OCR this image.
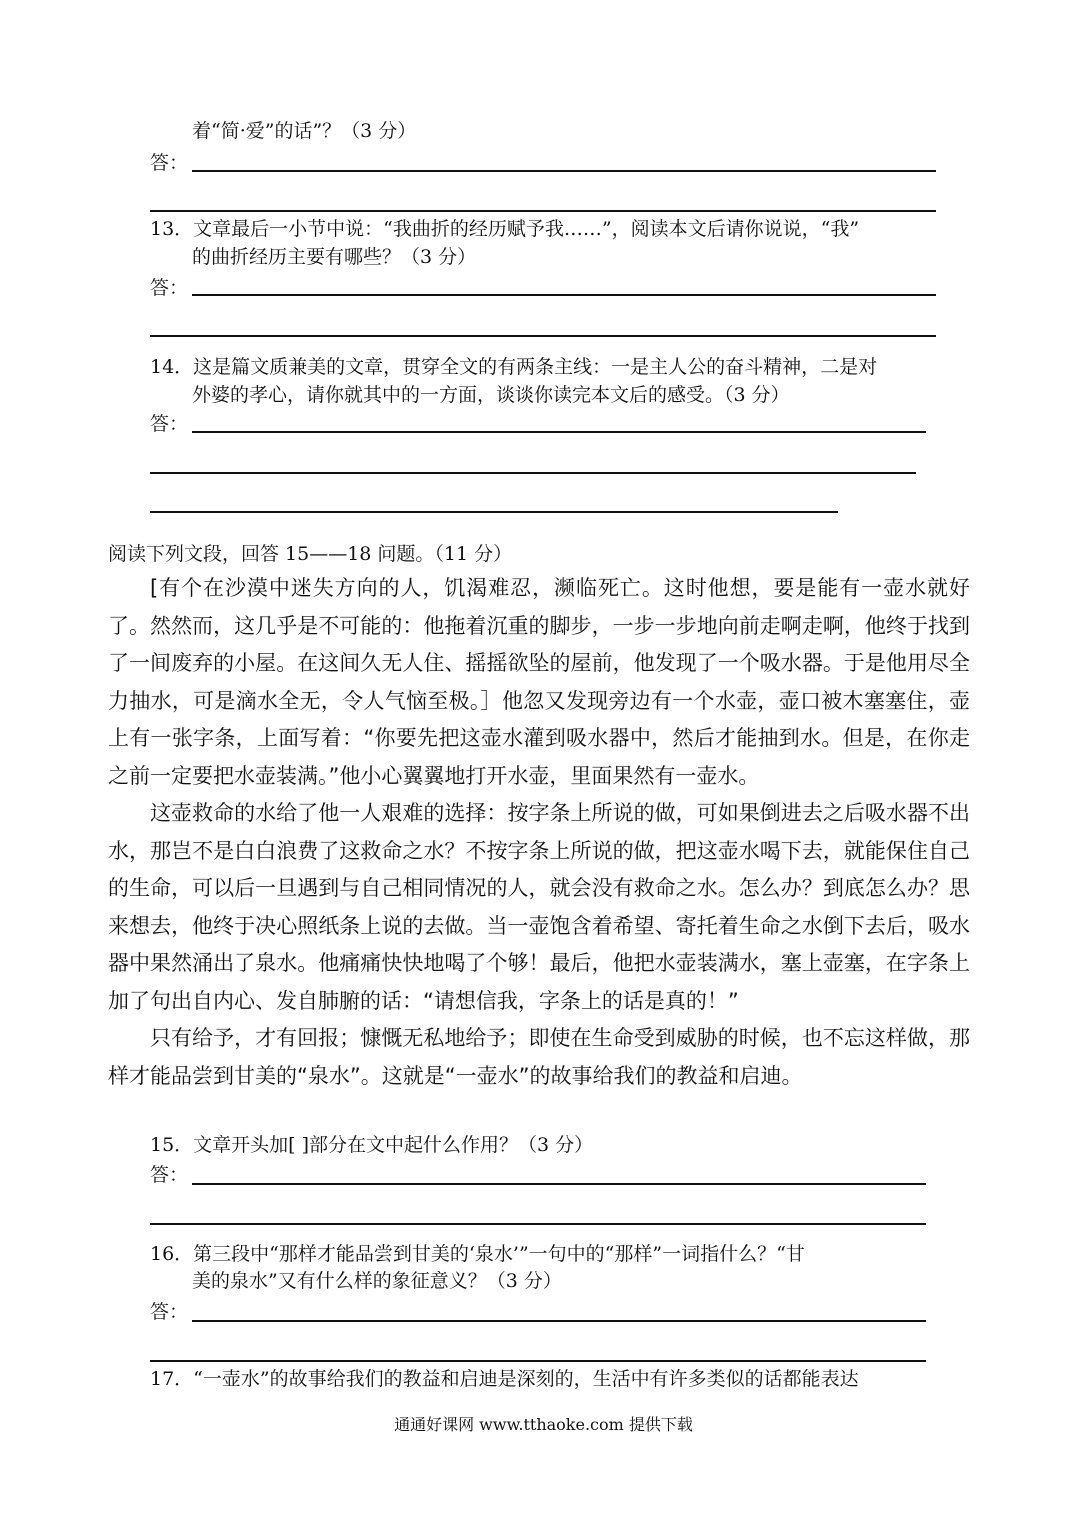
着“简·爱”的话”？（3 分）
答：
13．文章最后一小节中说：“我曲折的经历赋予我……”，阅读本文后请你说说，“我”
的曲折经历主要有哪些？（3 分）
答：
14．这是篇文质兼美的文章，贯穿全文的有两条主线：一是主人公的奋斗精神，二是对
外婆的孝心，请你就其中的一方面，谈谈你读完本文后的感受。（3 分）
答：
阅读下列文段，回答 15——18 问题。（11 分）

[有个在沙漠中迷失方向的人，饥渴难忍，濒临死亡。这时他想，要是能有一壶水就好了。然然而，这几乎是不可能的：他拖着沉重的脚步，一步一步地向前走啊走啊，他终于找到了一间废弃的小屋。在这间久无人住、摇摇欲坠的屋前，他发现了一个吸水器。于是他用尽全力抽水，可是滴水全无，令人气恼至极。］他忽又发现旁边有一个水壶，壶口被木塞塞住，壶上有一张字条，上面写着：“你要先把这壶水灌到吸水器中，然后才能抽到水。但是，在你走之前一定要把水壶装满。”他小心翼翼地打开水壶，里面果然有一壶水。

这壶救命的水给了他一人艰难的选择：按字条上所说的做，可如果倒进去之后吸水器不出水，那岂不是白白浪费了这救命之水？不按字条上所说的做，把这壶水喝下去，就能保住自己的生命，可以后一旦遇到与自己相同情况的人，就会没有救命之水。怎么办？到底怎么办？思来想去，他终于决心照纸条上说的去做。当一壶饱含着希望、寄托着生命之水倒下去后，吸水器中果然涌出了泉水。他痛痛快快地喝了个够！最后，他把水壶装满水，塞上壶塞，在字条上加了句出自内心、发自肺腑的话：“请想信我，字条上的话是真的！”

只有给予，才有回报；慷慨无私地给予；即使在生命受到威胁的时候，也不忘这样做，那样才能品尝到甘美的“泉水”。这就是“一壶水”的故事给我们的教益和启迪。

15．文章开头加[ ]部分在文中起什么作用？（3 分）
答：
16．第三段中“那样才能品尝到甘美的‘泉水’”一句中的“那样”一词指什么？“甘
美的泉水”又有什么样的象征意义？（3 分）
答：
17．“一壶水”的故事给我们的教益和启迪是深刻的，生活中有许多类似的话都能表达
通通好课网 www.tthaoke.com 提供下载
